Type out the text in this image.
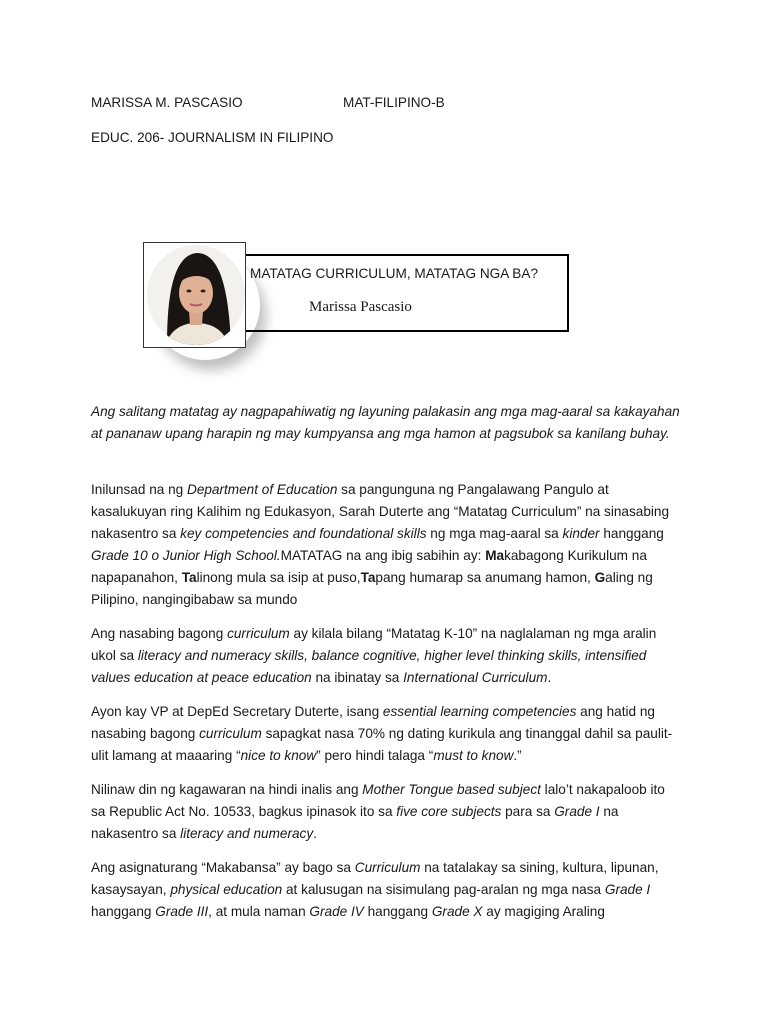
MARISSA M. PASCASIO	MAT-FILIPINO-B
EDUC. 206- JOURNALISM IN FILIPINO
MATATAG CURRICULUM, MATATAG NGA BA?
Marissa Pascasio

Ang salitang matatag ay nagpapahiwatig ng layuning palakasin ang mga mag-aaral sa kakayahan at pananaw upang harapin ng may kumpyansa ang mga hamon at pagsubok sa kanilang buhay.

Inilunsad na ng Department of Education sa pangunguna ng Pangalawang Pangulo at kasalukuyan ring Kalihim ng Edukasyon, Sarah Duterte ang “Matatag Curriculum” na sinasabing nakasentro sa key competencies and foundational skills ng mga mag-aaral sa kinder hanggang Grade 10 o Junior High School.MATATAG na ang ibig sabihin ay: Makabagong Kurikulum na napapanahon, Talinong mula sa isip at puso,Tapang humarap sa anumang hamon, Galing ng Pilipino, nangingibabaw sa mundo

Ang nasabing bagong curriculum ay kilala bilang “Matatag K-10” na naglalaman ng mga aralin ukol sa literacy and numeracy skills, balance cognitive, higher level thinking skills, intensified values education at peace education na ibinatay sa International Curriculum.

Ayon kay VP at DepEd Secretary Duterte, isang essential learning competencies ang hatid ng nasabing bagong curriculum sapagkat nasa 70% ng dating kurikula ang tinanggal dahil sa paulit-ulit lamang at maaaring “nice to know” pero hindi talaga “must to know.”

Nilinaw din ng kagawaran na hindi inalis ang Mother Tongue based subject lalo’t nakapaloob ito sa Republic Act No. 10533, bagkus ipinasok ito sa five core subjects para sa Grade I na nakasentro sa literacy and numeracy.

Ang asignaturang “Makabansa” ay bago sa Curriculum na tatalakay sa sining, kultura, lipunan, kasaysayan, physical education at kalusugan na sisimulang pag-aralan ng mga nasa Grade I hanggang Grade III, at mula naman Grade IV hanggang Grade X ay magiging Araling
